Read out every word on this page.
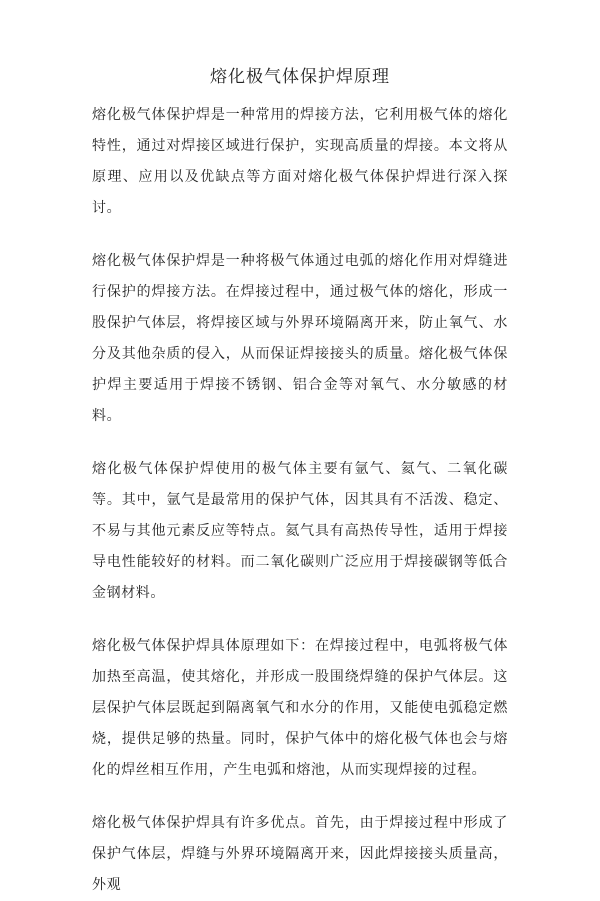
熔化极气体保护焊原理

熔化极气体保护焊是一种常用的焊接方法，它利用极气体的熔化特性，通过对焊接区域进行保护，实现高质量的焊接。本文将从原理、应用以及优缺点等方面对熔化极气体保护焊进行深入探讨。

熔化极气体保护焊是一种将极气体通过电弧的熔化作用对焊缝进行保护的焊接方法。在焊接过程中，通过极气体的熔化，形成一股保护气体层，将焊接区域与外界环境隔离开来，防止氧气、水分及其他杂质的侵入，从而保证焊接接头的质量。熔化极气体保护焊主要适用于焊接不锈钢、铝合金等对氧气、水分敏感的材料。

熔化极气体保护焊使用的极气体主要有氩气、氦气、二氧化碳等。其中，氩气是最常用的保护气体，因其具有不活泼、稳定、不易与其他元素反应等特点。氦气具有高热传导性，适用于焊接导电性能较好的材料。而二氧化碳则广泛应用于焊接碳钢等低合金钢材料。

熔化极气体保护焊具体原理如下：在焊接过程中，电弧将极气体加热至高温，使其熔化，并形成一股围绕焊缝的保护气体层。这层保护气体层既起到隔离氧气和水分的作用，又能使电弧稳定燃烧，提供足够的热量。同时，保护气体中的熔化极气体也会与熔化的焊丝相互作用，产生电弧和熔池，从而实现焊接的过程。

熔化极气体保护焊具有许多优点。首先，由于焊接过程中形成了保护气体层，焊缝与外界环境隔离开来，因此焊接接头质量高，外观
